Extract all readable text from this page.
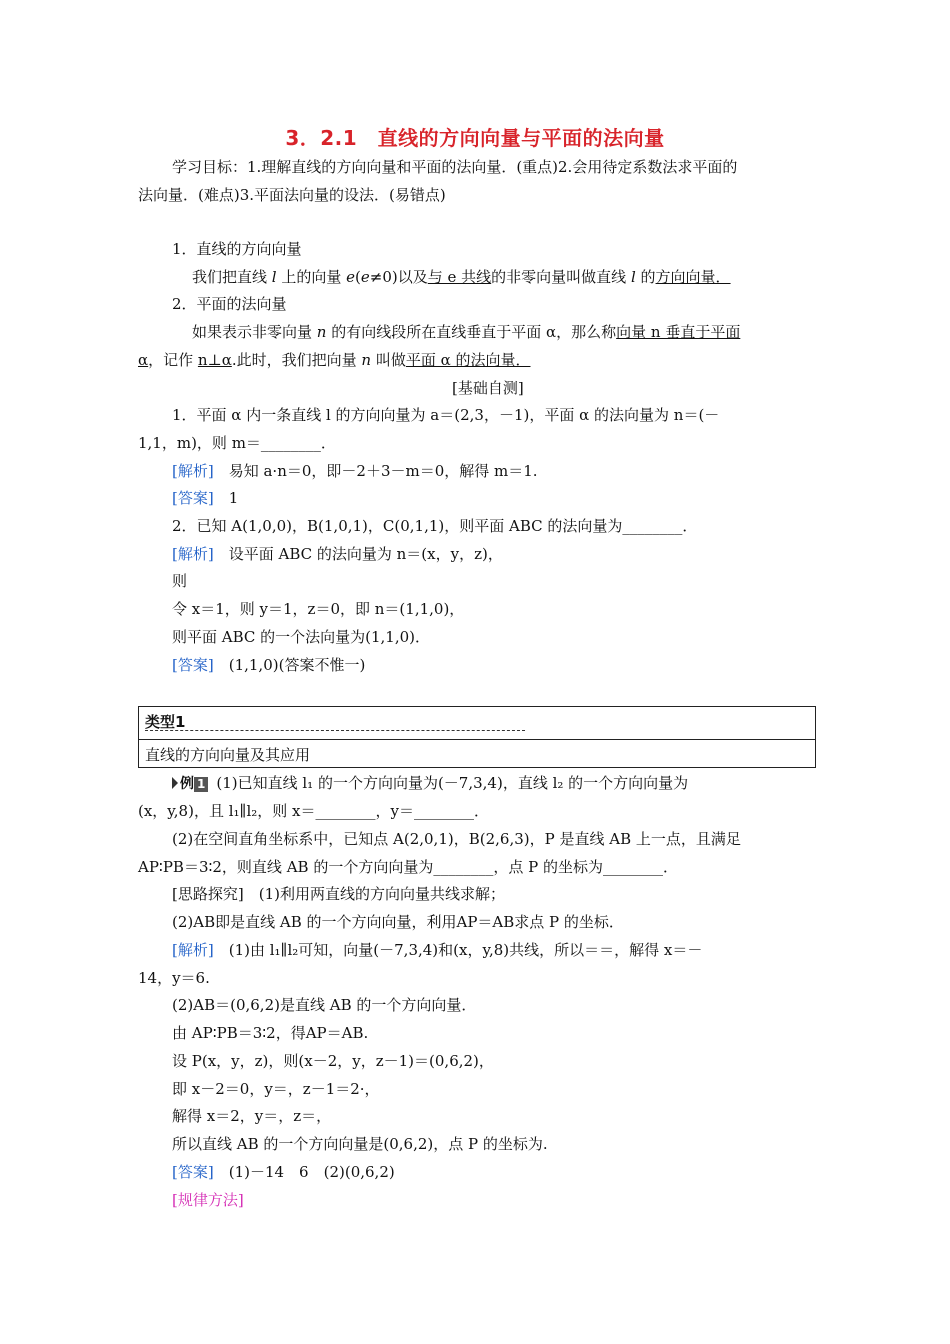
3．2.1　直线的方向向量与平面的法向量
学习目标：1.理解直线的方向向量和平面的法向量．(重点)2.会用待定系数法求平面的
法向量．(难点)3.平面法向量的设法．(易错点)
1．直线的方向向量
我们把直线 l 上的向量 e(e≠0)以及与 e 共线的非零向量叫做直线 l 的方向向量．
2．平面的法向量
如果表示非零向量 n 的有向线段所在直线垂直于平面 α，那么称向量 n 垂直于平面
α，记作 n⊥α.此时，我们把向量 n 叫做平面 α 的法向量．
[基础自测]
1．平面 α 内一条直线 l 的方向向量为 a＝(2,3，－1)，平面 α 的法向量为 n＝(－
1,1，m)，则 m＝________．
[解析]　易知 a·n＝0，即－2＋3－m＝0，解得 m＝1.
[答案]　1
2．已知 A(1,0,0)，B(1,0,1)，C(0,1,1)，则平面 ABC 的法向量为________．
[解析]　设平面 ABC 的法向量为 n＝(x，y，z)，
则
令 x＝1，则 y＝1，z＝0，即 n＝(1,1,0)，
则平面 ABC 的一个法向量为(1,1,0)．
[答案]　(1,1,0)(答案不惟一)
类型1
直线的方向向量及其应用
例 1 (1)已知直线 l₁ 的一个方向向量为(－7,3,4)，直线 l₂ 的一个方向向量为
(x，y,8)，且 l₁∥l₂，则 x＝________，y＝________．
(2)在空间直角坐标系中，已知点 A(2,0,1)，B(2,6,3)，P 是直线 AB 上一点，且满足
AP∶PB＝3∶2，则直线 AB 的一个方向向量为________，点 P 的坐标为________．
[思路探究]　(1)利用两直线的方向向量共线求解；
(2)AB即是直线 AB 的一个方向向量，利用AP＝AB求点 P 的坐标．
[解析]　(1)由 l₁∥l₂可知，向量(－7,3,4)和(x，y,8)共线，所以＝＝，解得 x＝－
14，y＝6.
(2)AB＝(0,6,2)是直线 AB 的一个方向向量．
由 AP∶PB＝3∶2，得AP＝AB.
设 P(x，y，z)，则(x－2，y，z－1)＝(0,6,2)，
即 x－2＝0，y＝，z－1＝2·，
解得 x＝2，y＝，z＝，
所以直线 AB 的一个方向向量是(0,6,2)，点 P 的坐标为.
[答案]　(1)－14　6　(2)(0,6,2)
[规律方法]
